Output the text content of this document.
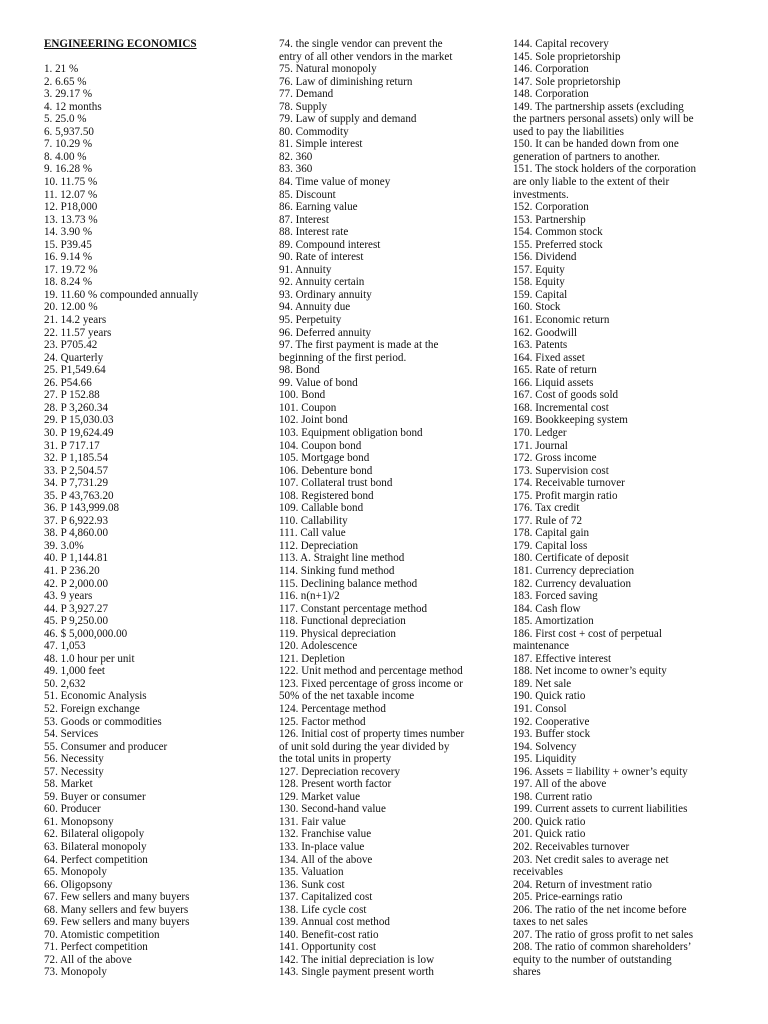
ENGINEERING ECONOMICS
1. 21 %
2. 6.65 %
3. 29.17 %
4. 12 months
5. 25.0 %
6. 5,937.50
7. 10.29 %
8. 4.00 %
9. 16.28 %
10. 11.75 %
11. 12.07 %
12. P18,000
13. 13.73 %
14. 3.90 %
15. P39.45
16. 9.14 %
17. 19.72 %
18. 8.24 %
19. 11.60 % compounded annually
20. 12.00 %
21. 14.2 years
22. 11.57 years
23. P705.42
24. Quarterly
25. P1,549.64
26. P54.66
27. P 152.88
28. P 3,260.34
29. P 15,030.03
30. P 19,624.49
31. P 717.17
32. P 1,185.54
33. P 2,504.57
34. P 7,731.29
35. P 43,763.20
36. P 143,999.08
37. P 6,922.93
38. P 4,860.00
39. 3.0%
40. P 1,144.81
41. P 236.20
42. P 2,000.00
43. 9 years
44. P 3,927.27
45. P 9,250.00
46. $ 5,000,000.00
47. 1,053
48. 1.0 hour per unit
49. 1,000 feet
50. 2,632
51. Economic Analysis
52. Foreign exchange
53. Goods or commodities
54. Services
55. Consumer and producer
56. Necessity
57. Necessity
58. Market
59. Buyer or consumer
60. Producer
61. Monopsony
62. Bilateral oligopoly
63. Bilateral monopoly
64. Perfect competition
65. Monopoly
66. Oligopsony
67. Few sellers and many buyers
68. Many sellers and few buyers
69. Few sellers and many buyers
70. Atomistic competition
71. Perfect competition
72. All of the above
73. Monopoly
74. the single vendor can prevent the
entry of all other vendors in the market
75. Natural monopoly
76. Law of diminishing return
77. Demand
78. Supply
79. Law of supply and demand
80. Commodity
81. Simple interest
82. 360
83. 360
84. Time value of money
85. Discount
86. Earning value
87. Interest
88. Interest rate
89. Compound interest
90. Rate of interest
91. Annuity
92. Annuity certain
93. Ordinary annuity
94. Annuity due
95. Perpetuity
96. Deferred annuity
97. The first payment is made at the
beginning of the first period.
98. Bond
99. Value of bond
100. Bond
101. Coupon
102. Joint bond
103. Equipment obligation bond
104. Coupon bond
105. Mortgage bond
106. Debenture bond
107. Collateral trust bond
108. Registered bond
109. Callable bond
110. Callability
111. Call value
112. Depreciation
113. A. Straight line method
114. Sinking fund method
115. Declining balance method
116. n(n+1)/2
117. Constant percentage method
118. Functional depreciation
119. Physical depreciation
120. Adolescence
121. Depletion
122. Unit method and percentage method
123. Fixed percentage of gross income or
50% of the net taxable income
124. Percentage method
125. Factor method
126. Initial cost of property times number
of unit sold during the year divided by
the total units in property
127. Depreciation recovery
128. Present worth factor
129. Market value
130. Second-hand value
131. Fair value
132. Franchise value
133. In-place value
134. All of the above
135. Valuation
136. Sunk cost
137. Capitalized cost
138. Life cycle cost
139. Annual cost method
140. Benefit-cost ratio
141. Opportunity cost
142. The initial depreciation is low
143. Single payment present worth
144. Capital recovery
145. Sole proprietorship
146. Corporation
147. Sole proprietorship
148. Corporation
149. The partnership assets (excluding
the partners personal assets) only will be
used to pay the liabilities
150. It can be handed down from one
generation of partners to another.
151. The stock holders of the corporation
are only liable to the extent of their
investments.
152. Corporation
153. Partnership
154. Common stock
155. Preferred stock
156. Dividend
157. Equity
158. Equity
159. Capital
160. Stock
161. Economic return
162. Goodwill
163. Patents
164. Fixed asset
165. Rate of return
166. Liquid assets
167. Cost of goods sold
168. Incremental cost
169. Bookkeeping system
170. Ledger
171. Journal
172. Gross income
173. Supervision cost
174. Receivable turnover
175. Profit margin ratio
176. Tax credit
177. Rule of 72
178. Capital gain
179. Capital loss
180. Certificate of deposit
181. Currency depreciation
182. Currency devaluation
183. Forced saving
184. Cash flow
185. Amortization
186. First cost + cost of perpetual
maintenance
187. Effective interest
188. Net income to owner’s equity
189. Net sale
190. Quick ratio
191. Consol
192. Cooperative
193. Buffer stock
194. Solvency
195. Liquidity
196. Assets = liability + owner’s equity
197. All of the above
198. Current ratio
199. Current assets to current liabilities
200. Quick ratio
201. Quick ratio
202. Receivables turnover
203. Net credit sales to average net
receivables
204. Return of investment ratio
205. Price-earnings ratio
206. The ratio of the net income before
taxes to net sales
207. The ratio of gross profit to net sales
208. The ratio of common shareholders’
equity to the number of outstanding
shares
